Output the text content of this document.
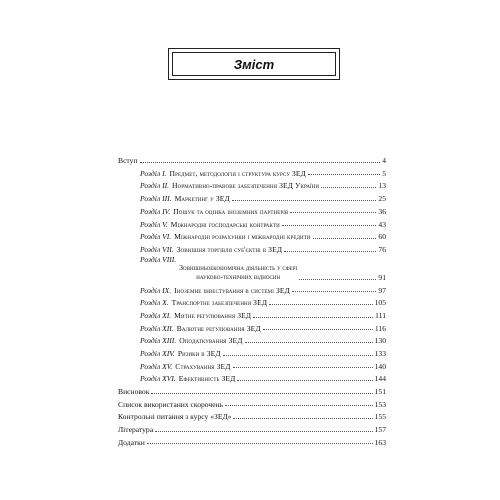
Зміст
Вступ	4
Розділ I. Предмет, методологія і структура курсу ЗЕД	5
Розділ II. Нормативно-правове забезпечення ЗЕД України	13
Розділ III. Маркетинг у ЗЕД	25
Розділ IV. Пошук та оцінка іноземних партнерів	36
Розділ V. Міжнародні господарські контракти	43
Розділ VI. Міжнародні розрахунки і міжнародні кредити	60
Розділ VII. Зовнішня торгівля суб'єктів в ЗЕД	76
Розділ VIII.
Зовнішньоекономічна діяльність у сфері
науково-технічних відносин	91
Розділ IX. Іноземне інвестування в системі ЗЕД	97
Розділ X. Транспортне забезпечення ЗЕД	105
Розділ XI. Митне регулювання ЗЕД	111
Розділ XII. Валютне регулювання ЗЕД	116
Розділ XIII. Оподаткування ЗЕД	130
Розділ XIV. Ризики в ЗЕД	133
Розділ XV. Страхування ЗЕД	140
Розділ XVI. Ефективність ЗЕД	144
Висновок	151
Список використаних скорочень	153
Контрольні питання з курсу «ЗЕД»	155
Література	157
Додатки	163
